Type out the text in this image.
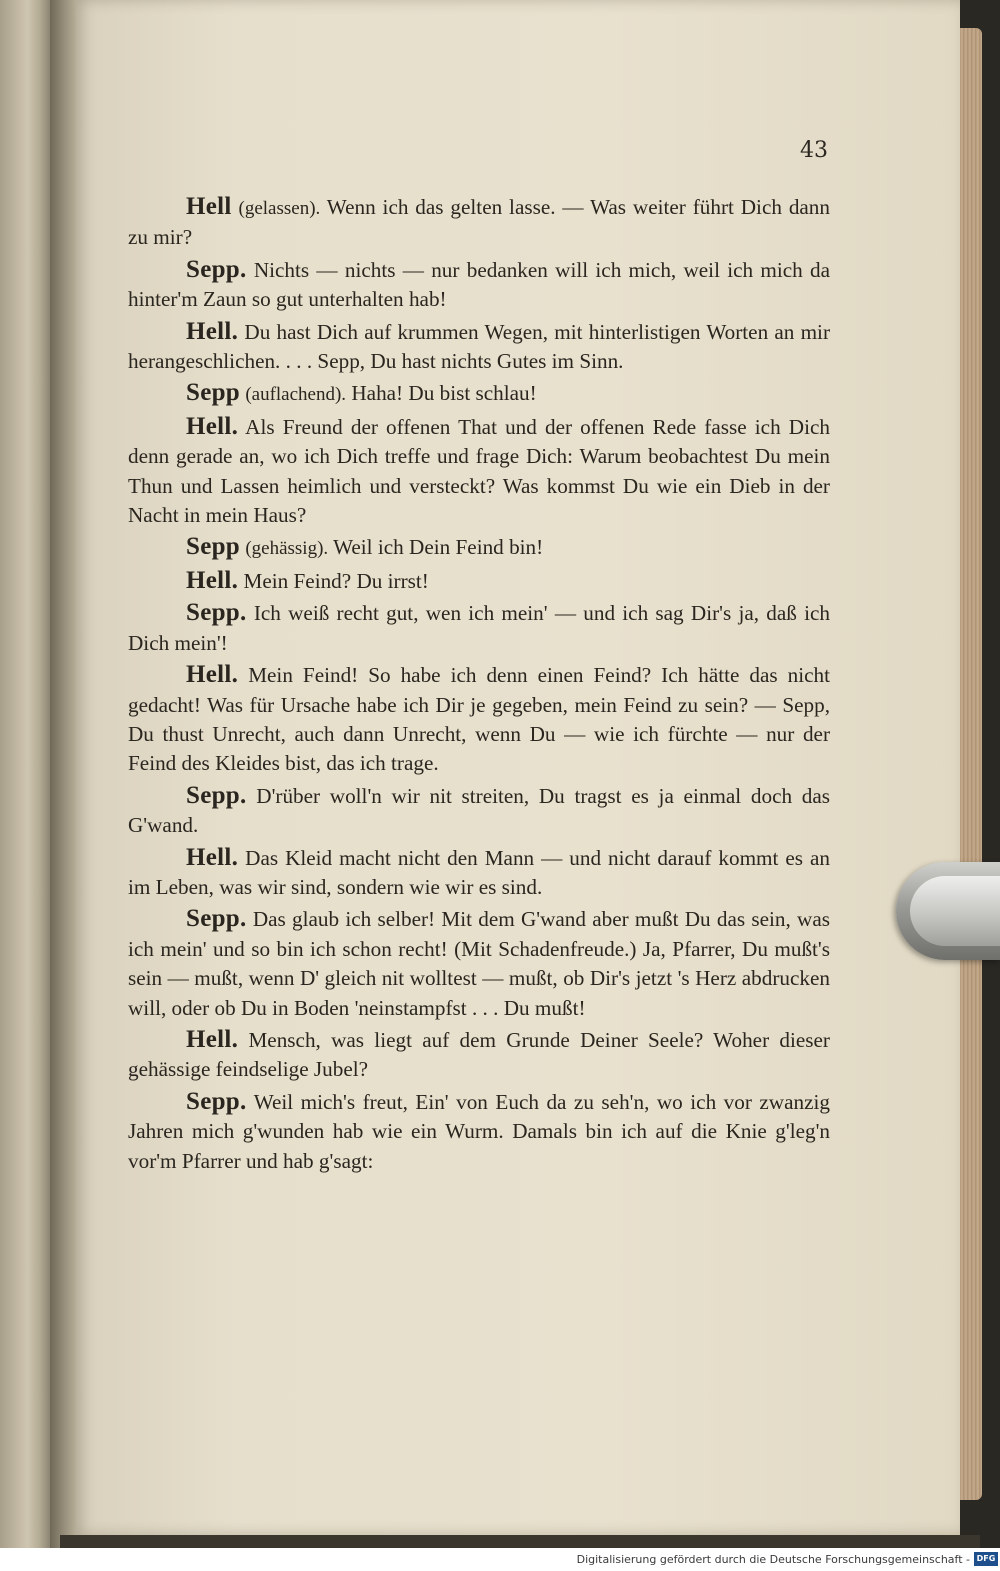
43

Hell (gelassen). Wenn ich das gelten lasse. — Was weiter führt Dich dann zu mir?

Sepp. Nichts — nichts — nur bedanken will ich mich, weil ich mich da hinter'm Zaun so gut unterhalten hab!

Hell. Du hast Dich auf krummen Wegen, mit hinterlistigen Worten an mir herangeschlichen. . . . Sepp, Du hast nichts Gutes im Sinn.

Sepp (auflachend). Haha! Du bist schlau!

Hell. Als Freund der offenen That und der offenen Rede fasse ich Dich denn gerade an, wo ich Dich treffe und frage Dich: Warum beobachtest Du mein Thun und Lassen heimlich und versteckt? Was kommst Du wie ein Dieb in der Nacht in mein Haus?

Sepp (gehässig). Weil ich Dein Feind bin!

Hell. Mein Feind? Du irrst!

Sepp. Ich weiß recht gut, wen ich mein' — und ich sag Dir's ja, daß ich Dich mein'!

Hell. Mein Feind! So habe ich denn einen Feind? Ich hätte das nicht gedacht! Was für Ursache habe ich Dir je gegeben, mein Feind zu sein? — Sepp, Du thust Unrecht, auch dann Unrecht, wenn Du — wie ich fürchte — nur der Feind des Kleides bist, das ich trage.

Sepp. D'rüber woll'n wir nit streiten, Du tragst es ja einmal doch das G'wand.

Hell. Das Kleid macht nicht den Mann — und nicht darauf kommt es an im Leben, was wir sind, sondern wie wir es sind.

Sepp. Das glaub ich selber! Mit dem G'wand aber mußt Du das sein, was ich mein' und so bin ich schon recht! (Mit Schadenfreude.) Ja, Pfarrer, Du mußt's sein — mußt, wenn D' gleich nit wolltest — mußt, ob Dir's jetzt 's Herz abdrucken will, oder ob Du in Boden 'neinstampfst . . . Du mußt!

Hell. Mensch, was liegt auf dem Grunde Deiner Seele? Woher dieser gehässige feindselige Jubel?

Sepp. Weil mich's freut, Ein' von Euch da zu seh'n, wo ich vor zwanzig Jahren mich g'wunden hab wie ein Wurm. Damals bin ich auf die Knie g'leg'n vor'm Pfarrer und hab g'sagt:

Digitalisierung gefördert durch die Deutsche Forschungsgemeinschaft - DFG
